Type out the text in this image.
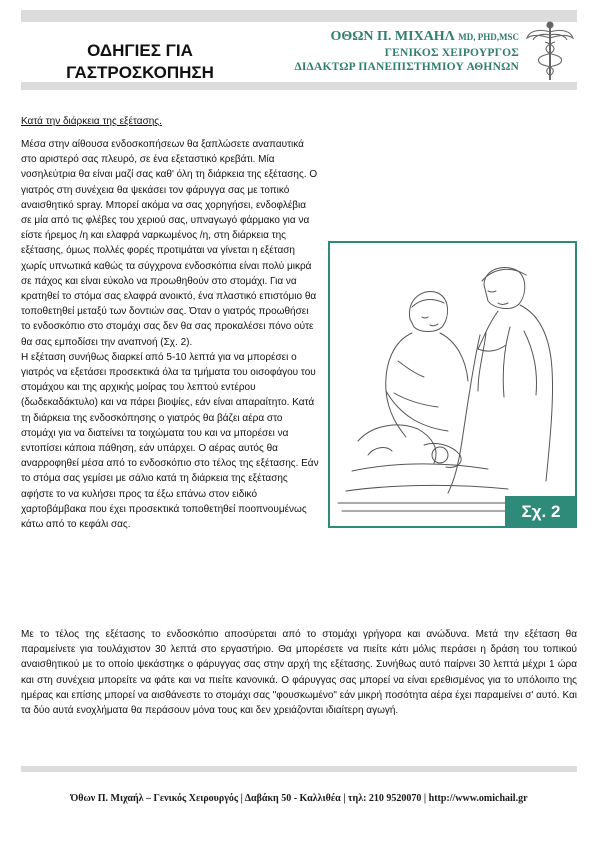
ΟΔΗΓΙΕΣ ΓΙΑ
ΓΑΣΤΡΟΣΚΟΠΗΣΗ
ΟΘΩΝ Π. ΜΙΧΑΗΛ MD, PHD,MSC
ΓΕΝΙΚΟΣ ΧΕΙΡΟΥΡΓΟΣ
ΔΙΔΑΚΤΩΡ ΠΑΝΕΠΙΣΤΗΜΙΟΥ ΑΘΗΝΩΝ
Κατά την διάρκεια της εξέτασης.

Μέσα στην αίθουσα ενδοσκοπήσεων θα ξαπλώσετε αναπαυτικά στο αριστερό σας πλευρό, σε ένα εξεταστικό κρεβάτι. Μία νοσηλεύτρια θα είναι μαζί σας καθ' όλη τη διάρκεια της εξέτασης. Ο γιατρός στη συνέχεια θα ψεκάσει τον φάρυγγα σας με τοπικό αναισθητικό spray. Μπορεί ακόμα να σας χορηγήσει, ενδοφλέβια σε μία από τις φλέβες του χεριού σας, υπναγωγό φάρμακο για να είστε ήρεμος /η και ελαφρά ναρκωμένος /η, στη διάρκεια της εξέτασης, όμως πολλές φορές προτιμάται να γίνεται η εξέταση χωρίς υπνωτικά καθώς τα σύγχρονα ενδοσκόπια είναι πολύ μικρά σε πάχος και είναι εύκολο να προωθηθούν στο στομάχι. Για να κρατηθεί το στόμα σας ελαφρά ανοικτό, ένα πλαστικό επιστόμιο θα τοποθετηθεί μεταξύ των δοντιών σας. Όταν ο γιατρός προωθήσει το ενδοσκόπιο στο στομάχι σας δεν θα σας προκαλέσει πόνο ούτε θα σας εμποδίσει την αναπνοή (Σχ. 2).

Η εξέταση συνήθως διαρκεί από 5-10 λεπτά για να μπορέσει ο γιατρός να εξετάσει προσεκτικά όλα τα τμήματα του οισοφάγου του στομάχου και της αρχικής μοίρας του λεπτού εντέρου (δωδεκαδάκτυλο) και να πάρει βιοψίες, εάν είναι απαραίτητο. Κατά τη διάρκεια της ενδοσκόπησης ο γιατρός θα βάζει αέρα στο στομάχι για να διατείνει τα τοιχώματα του και να μπορέσει να εντοπίσει κάποια πάθηση, εάν υπάρχει. Ο αέρας αυτός θα αναρροφηθεί μέσα από το ενδοσκόπιο στο τέλος της εξέτασης. Εάν το στόμα σας γεμίσει με σάλιο κατά τη διάρκεια της εξέτασης αφήστε το να κυλήσει προς τα έξω επάνω στον ειδικό χαρτοβάμβακα που έχει προσεκτικά τοποθετηθεί ποοπνουμένως κάτω από το κεφάλι σας.

Σχ. 2
Με το τέλος της εξέτασης το ενδοσκόπιο αποσύρεται από το στομάχι γρήγορα και ανώδυνα. Μετά την εξέταση θα παραμείνετε για τουλάχιστον 30 λεπτά στο εργαστήριο. Θα μπορέσετε να πιείτε κάτι μόλις περάσει η δράση του τοπικού αναισθητικού με το οποίο ψεκάστηκε ο φάρυγγας σας στην αρχή της εξέτασης. Συνήθως αυτό παίρνει 30 λεπτά μέχρι 1 ώρα και στη συνέχεια μπορείτε να φάτε και να πιείτε κανονικά. Ο φάρυγγας σας μπορεί να είναι ερεθισμένος για το υπόλοιπο της ημέρας και επίσης μπορεί να αισθάνεστε το στομάχι σας "φουσκωμένο" εάν μικρή ποσότητα αέρα έχει παραμείνει σ' αυτό. Και τα δύο αυτά ενοχλήματα θα περάσουν μόνα τους και δεν χρειάζονται ιδιαίτερη αγωγή.
Όθων Π. Μιχαήλ – Γενικός Χειρουργός | Δαβάκη 50 - Καλλιθέα | τηλ: 210 9520070 | http://www.omichail.gr
